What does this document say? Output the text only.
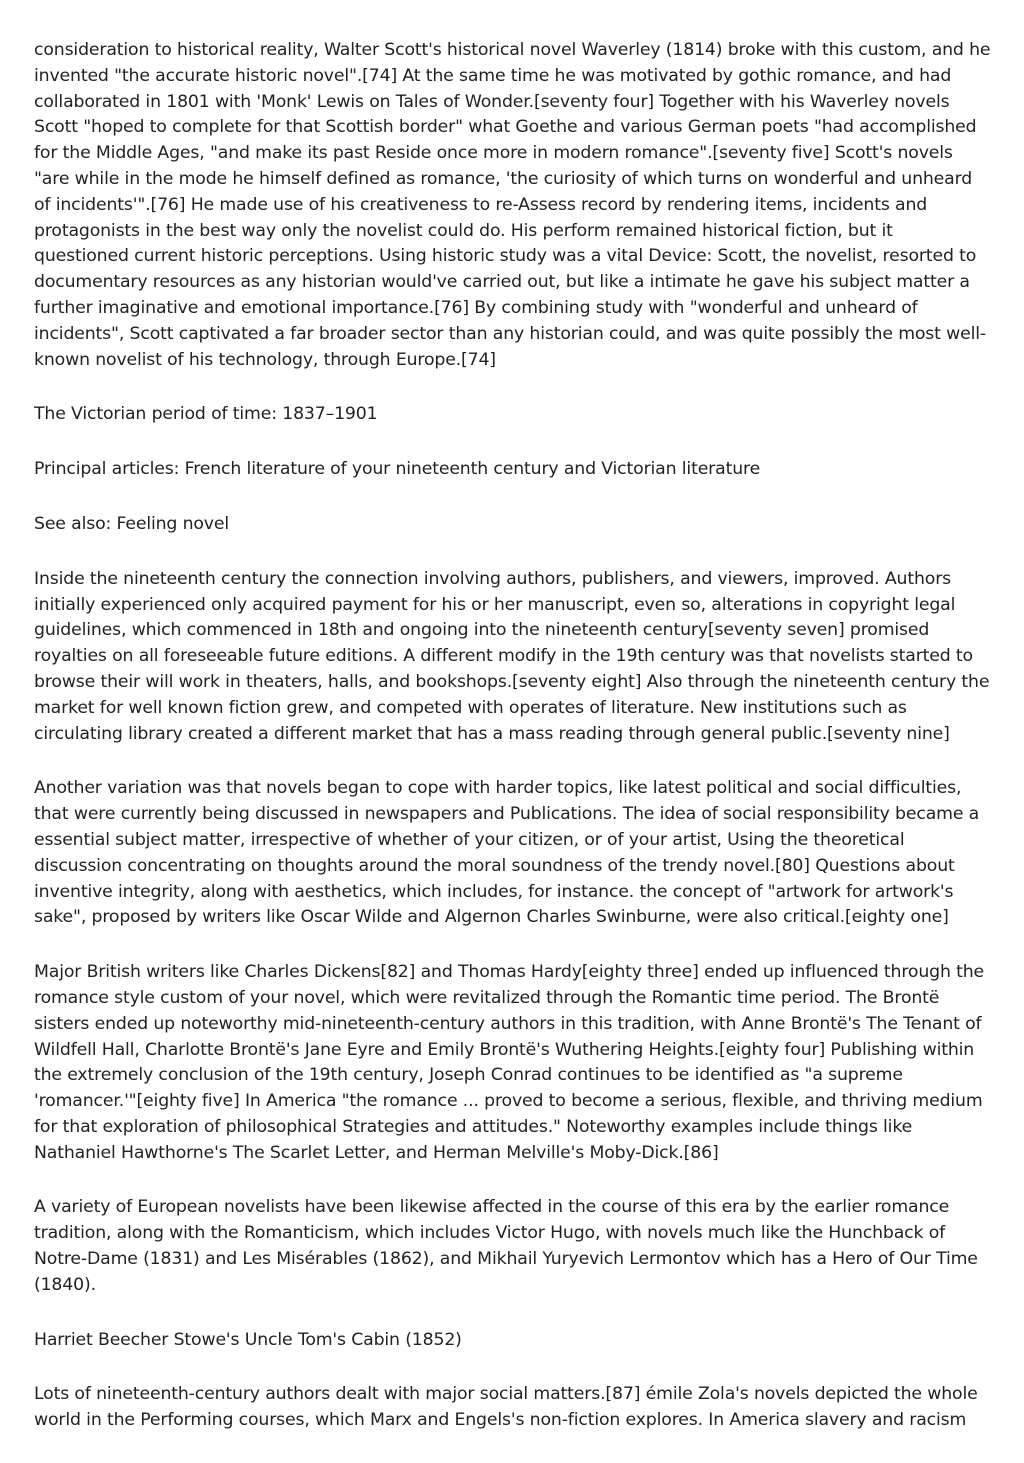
consideration to historical reality, Walter Scott's historical novel Waverley (1814) broke with this custom, and he invented "the accurate historic novel".[74] At the same time he was motivated by gothic romance, and had collaborated in 1801 with 'Monk' Lewis on Tales of Wonder.[seventy four] Together with his Waverley novels Scott "hoped to complete for that Scottish border" what Goethe and various German poets "had accomplished for the Middle Ages, "and make its past Reside once more in modern romance".[seventy five] Scott's novels "are while in the mode he himself defined as romance, 'the curiosity of which turns on wonderful and unheard of incidents'".[76] He made use of his creativeness to re-Assess record by rendering items, incidents and protagonists in the best way only the novelist could do. His perform remained historical fiction, but it questioned current historic perceptions. Using historic study was a vital Device: Scott, the novelist, resorted to documentary resources as any historian would've carried out, but like a intimate he gave his subject matter a further imaginative and emotional importance.[76] By combining study with "wonderful and unheard of incidents", Scott captivated a far broader sector than any historian could, and was quite possibly the most well-known novelist of his technology, through Europe.[74]

The Victorian period of time: 1837–1901

Principal articles: French literature of your nineteenth century and Victorian literature

See also: Feeling novel

Inside the nineteenth century the connection involving authors, publishers, and viewers, improved. Authors initially experienced only acquired payment for his or her manuscript, even so, alterations in copyright legal guidelines, which commenced in 18th and ongoing into the nineteenth century[seventy seven] promised royalties on all foreseeable future editions. A different modify in the 19th century was that novelists started to browse their will work in theaters, halls, and bookshops.[seventy eight] Also through the nineteenth century the market for well known fiction grew, and competed with operates of literature. New institutions such as circulating library created a different market that has a mass reading through general public.[seventy nine]

Another variation was that novels began to cope with harder topics, like latest political and social difficulties, that were currently being discussed in newspapers and Publications. The idea of social responsibility became a essential subject matter, irrespective of whether of your citizen, or of your artist, Using the theoretical discussion concentrating on thoughts around the moral soundness of the trendy novel.[80] Questions about inventive integrity, along with aesthetics, which includes, for instance. the concept of "artwork for artwork's sake", proposed by writers like Oscar Wilde and Algernon Charles Swinburne, were also critical.[eighty one]

Major British writers like Charles Dickens[82] and Thomas Hardy[eighty three] ended up influenced through the romance style custom of your novel, which were revitalized through the Romantic time period. The Brontë sisters ended up noteworthy mid-nineteenth-century authors in this tradition, with Anne Brontë's The Tenant of Wildfell Hall, Charlotte Brontë's Jane Eyre and Emily Brontë's Wuthering Heights.[eighty four] Publishing within the extremely conclusion of the 19th century, Joseph Conrad continues to be identified as "a supreme 'romancer.'"[eighty five] In America "the romance ... proved to become a serious, flexible, and thriving medium for that exploration of philosophical Strategies and attitudes." Noteworthy examples include things like Nathaniel Hawthorne's The Scarlet Letter, and Herman Melville's Moby-Dick.[86]

A variety of European novelists have been likewise affected in the course of this era by the earlier romance tradition, along with the Romanticism, which includes Victor Hugo, with novels much like the Hunchback of Notre-Dame (1831) and Les Misérables (1862), and Mikhail Yuryevich Lermontov which has a Hero of Our Time (1840).

Harriet Beecher Stowe's Uncle Tom's Cabin (1852)

Lots of nineteenth-century authors dealt with major social matters.[87] émile Zola's novels depicted the whole world in the Performing courses, which Marx and Engels's non-fiction explores. In America slavery and racism
